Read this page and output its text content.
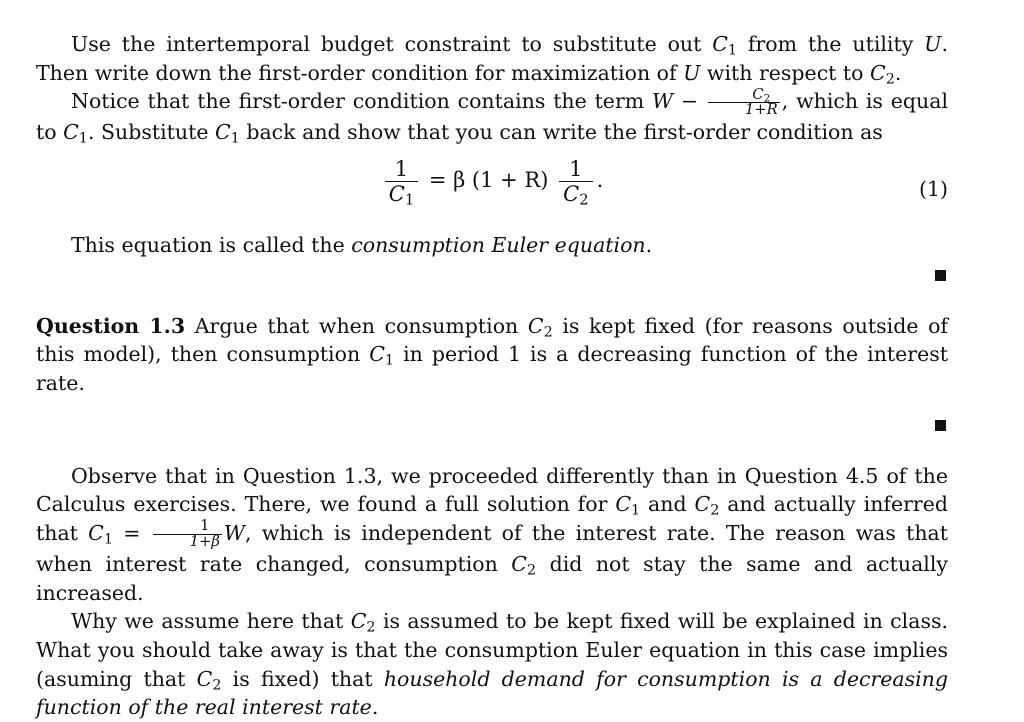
Use the intertemporal budget constraint to substitute out $C_1$ from the utility U. Then write down the first-order condition for maximization of U with respect to $C_2$.

Notice that the first-order condition contains the term $W - \frac{C_2}{1+R}$ , which is equal to $C_1$. Substitute $C_1$ back and show that you can write the first-order condition as

$\frac{1}{C_1} = \beta$ $(1 + R) \frac{1}{C_2}$ .	(1)

This equation is called the consumption Euler equation.

Question 1.3 Argue that when consumption $C_2$ is kept fixed (for reasons outside of this model), then consumption $C_1$ in period 1 is a decreasing function of the interest rate.

Observe that in Question 1.3, we proceeded differently than in Question 4.5 of the Calculus exercises. There, we found a full solution for $C_1$ and $C_2$ and actually inferred that $C_1 = \frac{1}{1+\beta} W$, which is independent of the interest rate. The reason was that when interest rate changed, consumption $C_2$ did not stay the same and actually increased.

Why we assume here that $C_2$ is assumed to be kept fixed will be explained in class. What you should take away is that the consumption Euler equation in this case implies (asuming that $C_2$ is fixed) that household demand for consumption is a decreasing function of the real interest rate.
